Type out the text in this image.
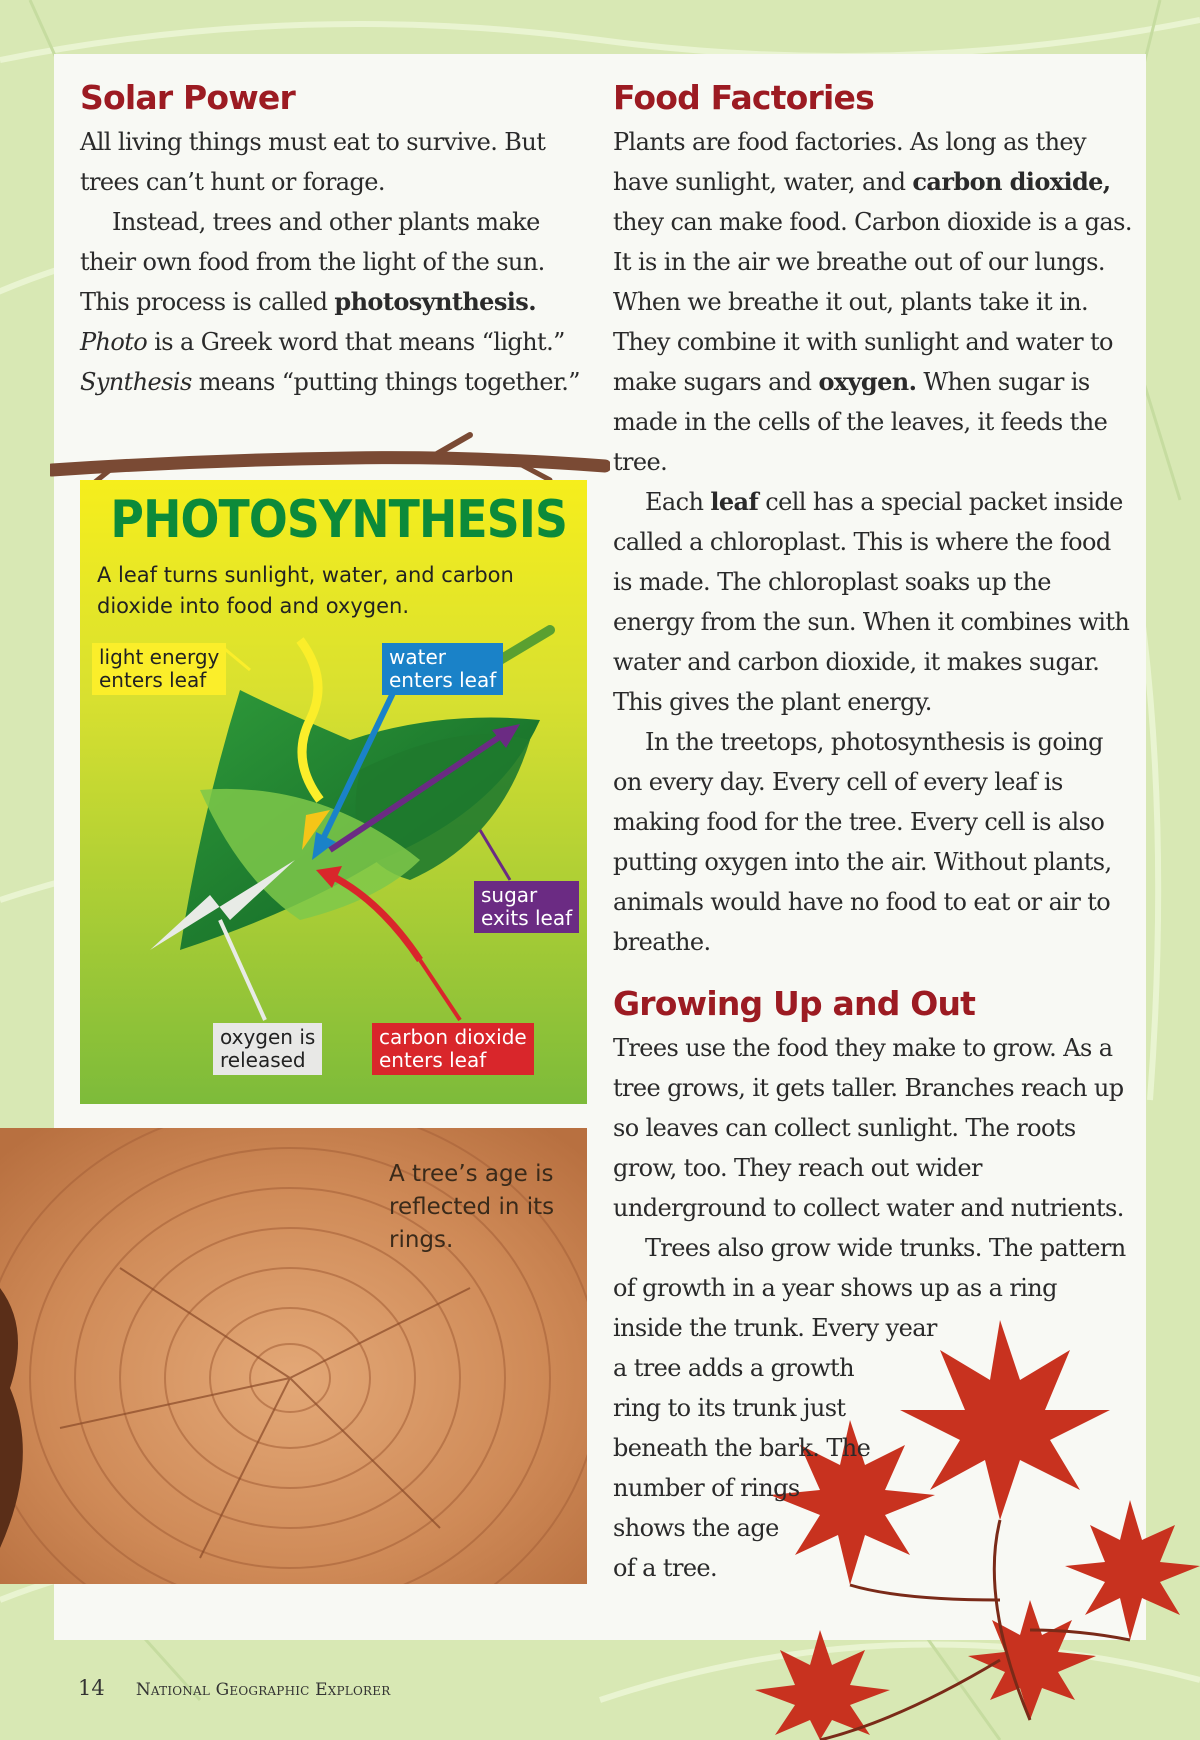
Solar Power

All living things must eat to survive. But trees can’t hunt or forage.

Instead, trees and other plants make their own food from the light of the sun. This process is called photosynthesis. Photo is a Greek word that means “light.” Synthesis means “putting things together.”

PHOTOSYNTHESIS
A leaf turns sunlight, water, and carbon dioxide into food and oxygen.
light energy
enters leaf
water
enters leaf
sugar
exits leaf
oxygen is
released
carbon dioxide
enters leaf
A tree’s age is reflected in its rings.
Food Factories

Plants are food factories. As long as they have sunlight, water, and carbon dioxide, they can make food. Carbon dioxide is a gas. It is in the air we breathe out of our lungs. When we breathe it out, plants take it in. They combine it with sunlight and water to make sugars and oxygen. When sugar is made in the cells of the leaves, it feeds the tree.

Each leaf cell has a special packet inside called a chloroplast. This is where the food is made. The chloroplast soaks up the energy from the sun. When it combines with water and carbon dioxide, it makes sugar. This gives the plant energy.

In the treetops, photosynthesis is going on every day. Every cell of every leaf is making food for the tree. Every cell is also putting oxygen into the air. Without plants, animals would have no food to eat or air to breathe.

Growing Up and Out

Trees use the food they make to grow. As a tree grows, it gets taller. Branches reach up so leaves can collect sunlight. The roots grow, too. They reach out wider underground to collect water and nutrients.

Trees also grow wide trunks. The pattern of growth in a year shows up as a ring inside the trunk. Every year

a tree adds a growth
ring to its trunk just
beneath the bark. The
number of rings
shows the age
of a tree.
14 National Geographic Explorer
